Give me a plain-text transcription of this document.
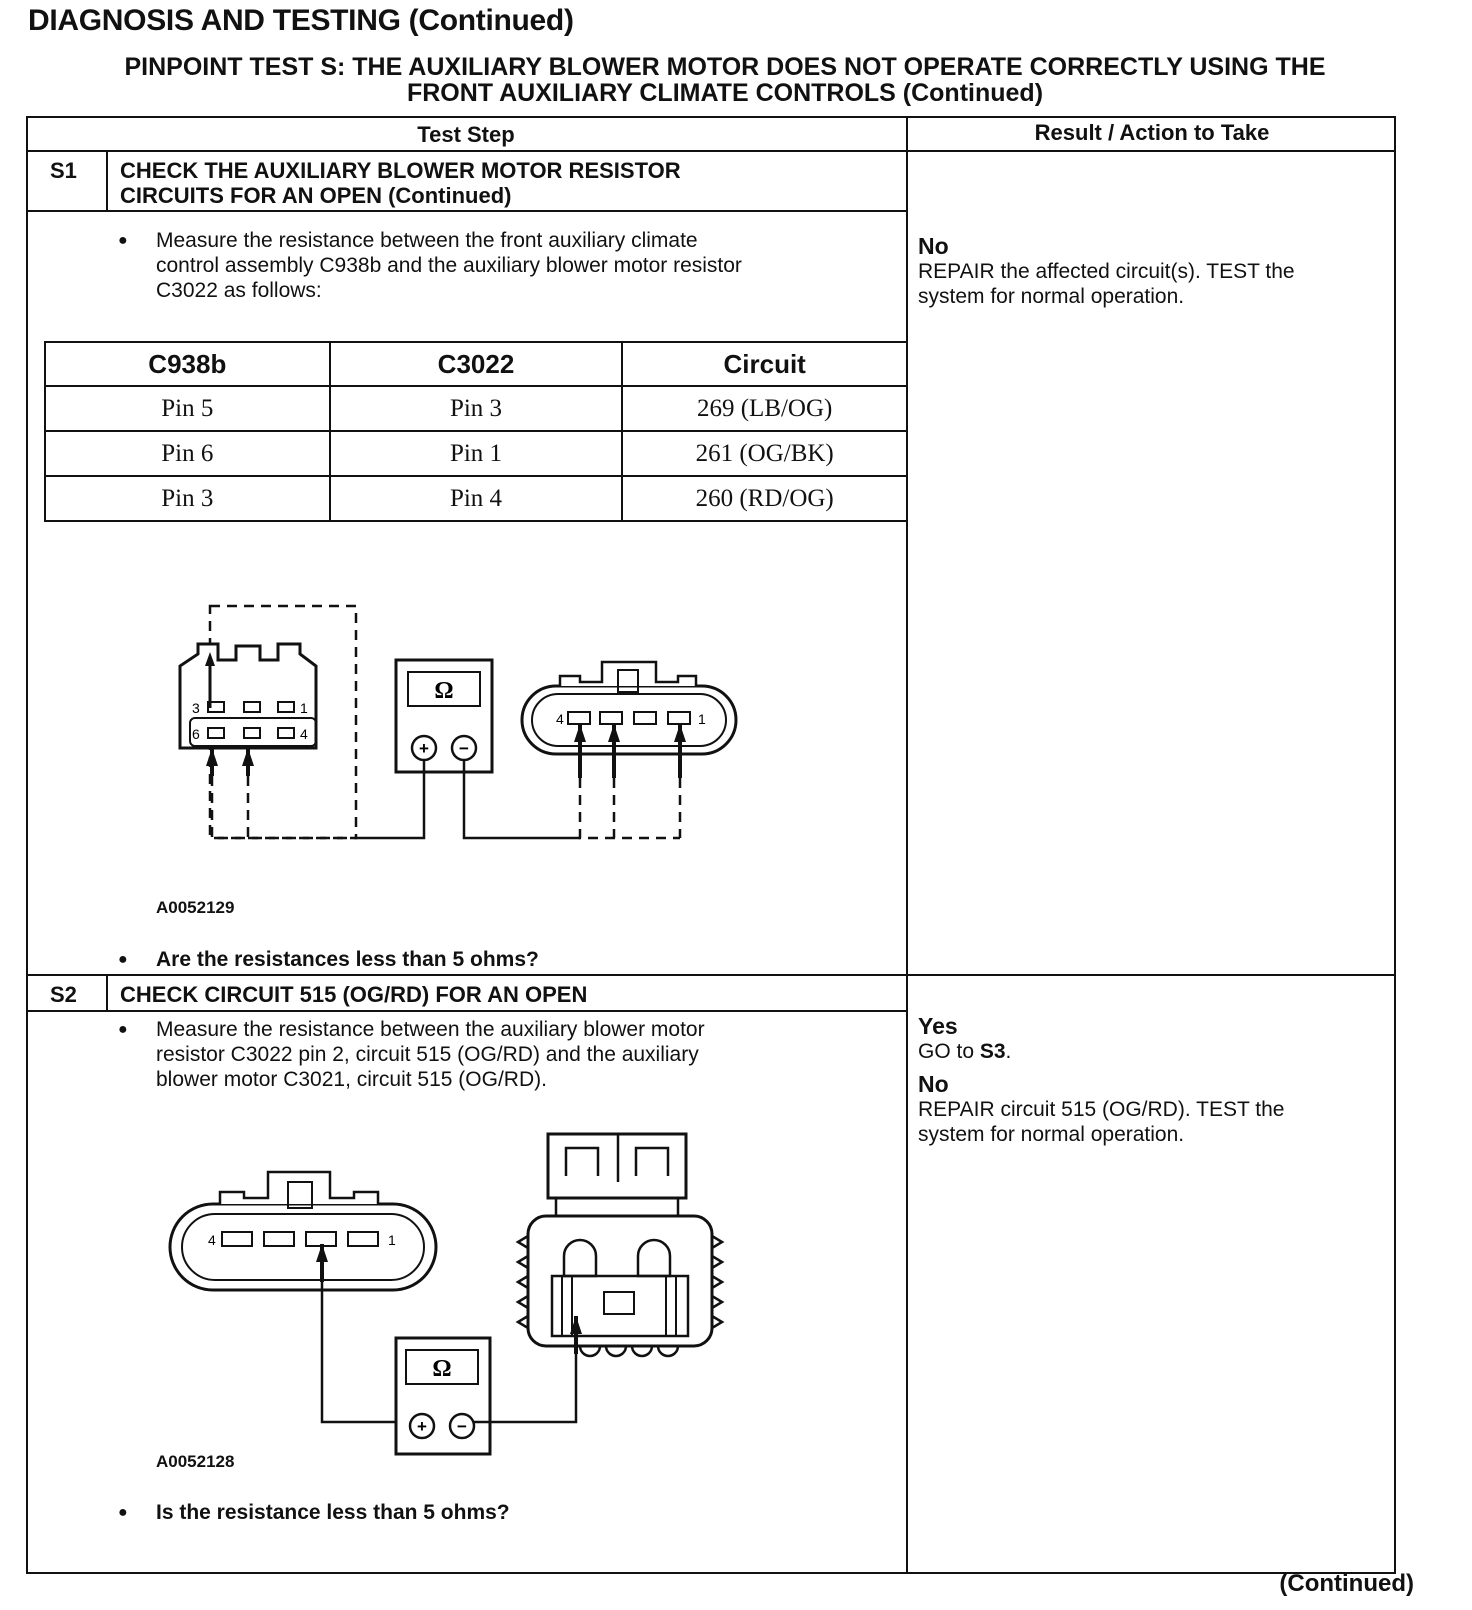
DIAGNOSIS AND TESTING (Continued)
PINPOINT TEST S: THE AUXILIARY BLOWER MOTOR DOES NOT OPERATE CORRECTLY USING THE
FRONT AUXILIARY CLIMATE CONTROLS (Continued)
Test Step	Result / Action to Take
S1 CHECK THE AUXILIARY BLOWER MOTOR RESISTOR
CIRCUITS FOR AN OPEN (Continued)
● Measure the resistance between the front auxiliary climate
control assembly C938b and the auxiliary blower motor resistor
C3022 as follows:
C938b	C3022	Circuit
Pin 5	Pin 3	269 (LB/OG)
Pin 6	Pin 1	261 (OG/BK)
Pin 3	Pin 4	260 (RD/OG)
3	1
6	4
Ω
+ −
4	1
A0052129
● Are the resistances less than 5 ohms?
No
REPAIR the affected circuit(s). TEST the
system for normal operation.
S2 CHECK CIRCUIT 515 (OG/RD) FOR AN OPEN
● Measure the resistance between the auxiliary blower motor
resistor C3022 pin 2, circuit 515 (OG/RD) and the auxiliary
blower motor C3021, circuit 515 (OG/RD).
4	1
Ω
+ −
A0052128
● Is the resistance less than 5 ohms?
Yes
GO to S3.
No
REPAIR circuit 515 (OG/RD). TEST the
system for normal operation.
(Continued)
